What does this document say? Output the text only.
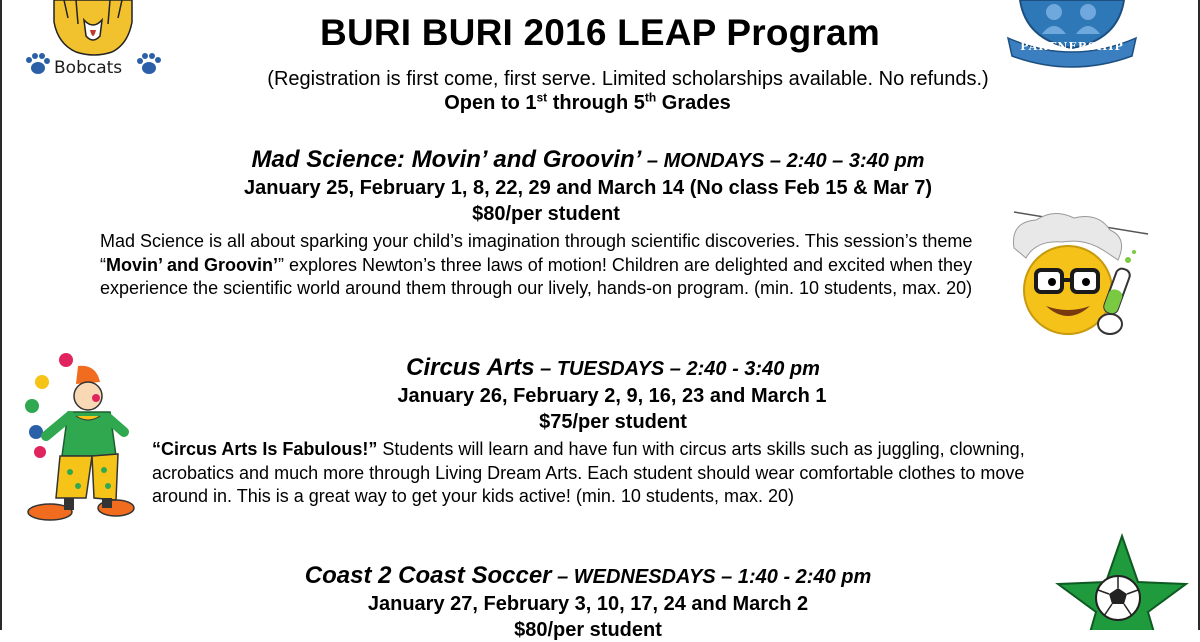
Bobcats
PARTNERSHIP
BURI BURI 2016 LEAP Program
(Registration is first come, first serve. Limited scholarships available. No refunds.)
Open to 1st through 5th Grades
Mad Science: Movin’ and Groovin’ – MONDAYS – 2:40 – 3:40 pm
January 25, February 1, 8, 22, 29 and March 14 (No class Feb 15 & Mar 7)
$80/per student
Mad Science is all about sparking your child’s imagination through scientific discoveries. This session’s theme “Movin’ and Groovin’” explores Newton’s three laws of motion! Children are delighted and excited when they experience the scientific world around them through our lively, hands-on program. (min. 10 students, max. 20)
Circus Arts – TUESDAYS – 2:40 - 3:40 pm
January 26, February 2, 9, 16, 23 and March 1
$75/per student
“Circus Arts Is Fabulous!” Students will learn and have fun with circus arts skills such as juggling, clowning, acrobatics and much more through Living Dream Arts. Each student should wear comfortable clothes to move around in. This is a great way to get your kids active! (min. 10 students, max. 20)
Coast 2 Coast Soccer – WEDNESDAYS – 1:40 - 2:40 pm
January 27, February 3, 10, 17, 24 and March 2
$80/per student
